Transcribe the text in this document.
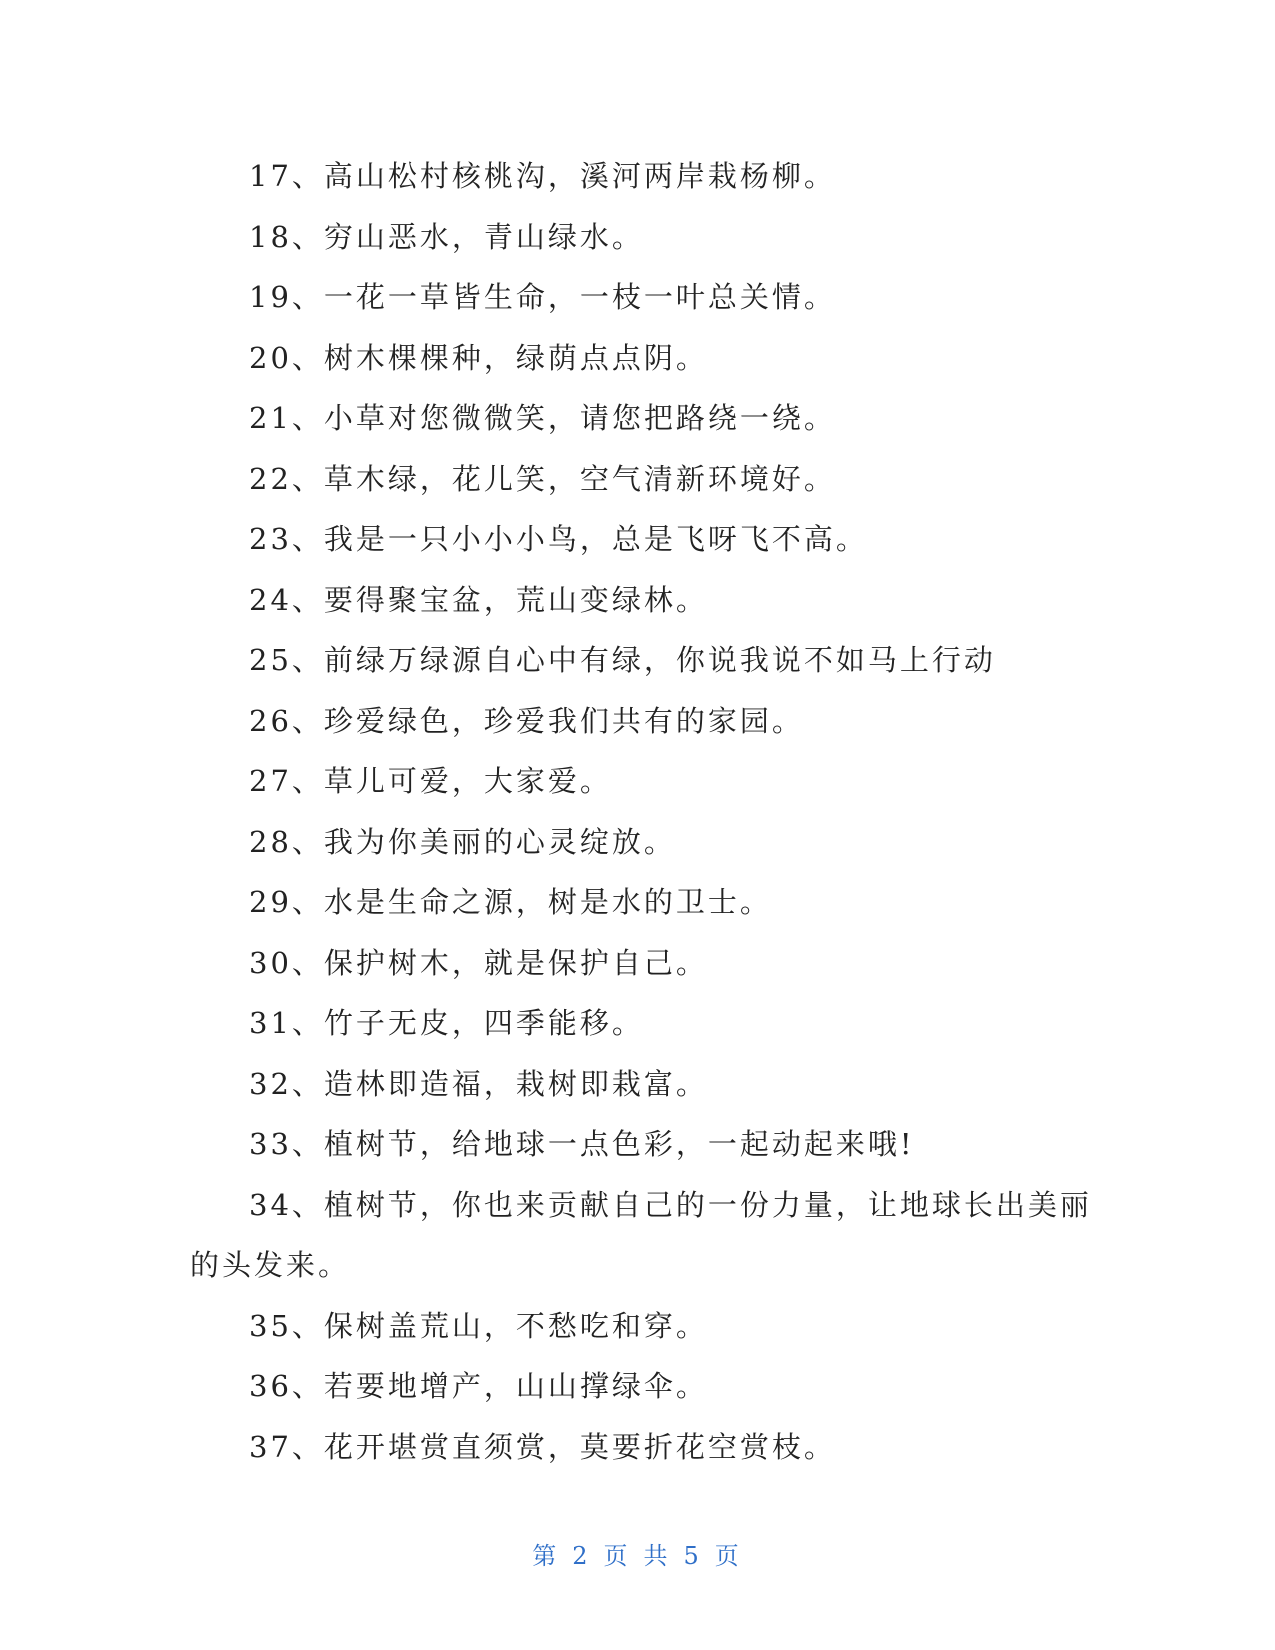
17、高山松村核桃沟，溪河两岸栽杨柳。
18、穷山恶水，青山绿水。
19、一花一草皆生命，一枝一叶总关情。
20、树木棵棵种，绿荫点点阴。
21、小草对您微微笑，请您把路绕一绕。
22、草木绿，花儿笑，空气清新环境好。
23、我是一只小小小鸟，总是飞呀飞不高。
24、要得聚宝盆，荒山变绿林。
25、前绿万绿源自心中有绿，你说我说不如马上行动
26、珍爱绿色，珍爱我们共有的家园。
27、草儿可爱，大家爱。
28、我为你美丽的心灵绽放。
29、水是生命之源，树是水的卫士。
30、保护树木，就是保护自己。
31、竹子无皮，四季能移。
32、造林即造福，栽树即栽富。
33、植树节，给地球一点色彩，一起动起来哦!
34、植树节，你也来贡献自己的一份力量，让地球长出美丽
的头发来。
35、保树盖荒山，不愁吃和穿。
36、若要地增产，山山撑绿伞。
37、花开堪赏直须赏，莫要折花空赏枝。
第 2 页 共 5 页
